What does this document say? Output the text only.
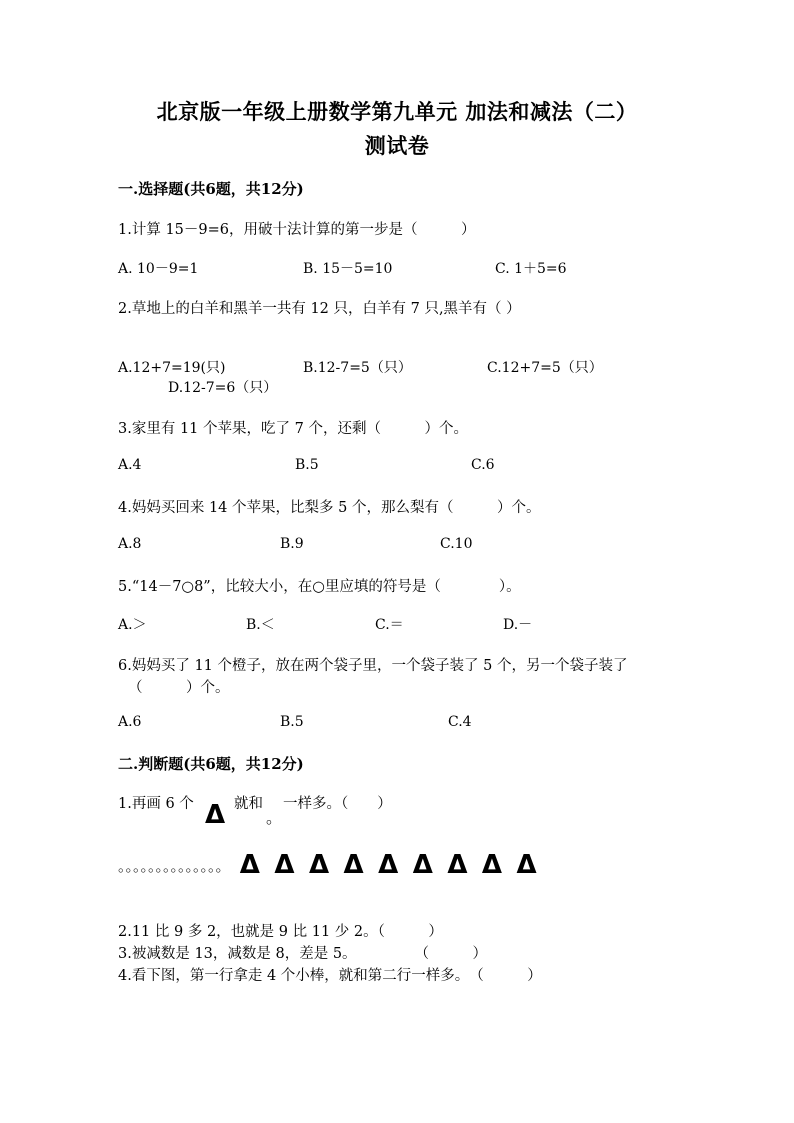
北京版一年级上册数学第九单元 加法和减法（二）
测试卷
一.选择题(共6题，共12分)
1.计算 15－9=6，用破十法计算的第一步是（　　　）
A. 10－9=1	B. 15－5=10	C. 1＋5=6
2.草地上的白羊和黑羊一共有 12 只，白羊有 7 只,黑羊有（ ）
A.12+7=19(只)	B.12-7=5（只）	C.12+7=5（只）
D.12-7=6（只）
3.家里有 11 个苹果，吃了 7 个，还剩（　　　）个。
A.4	B.5	C.6
4.妈妈买回来 14 个苹果，比梨多 5 个，那么梨有（　　　）个。
A.8	B.9	C.10
5.“14－7○8”，比较大小，在○里应填的符号是（　　　　）。
A.＞	B.＜	C.＝	D.－
6.妈妈买了 11 个橙子，放在两个袋子里，一个袋子装了 5 个，另一个袋子装了
（　　　）个。
A.6	B.5	C.4
二.判断题(共6题，共12分)
1.再画 6 个 Δ 就和
。
一样多。（　　）
。。。。。。。。。。。。。。 Δ Δ Δ Δ Δ Δ Δ Δ Δ
2.11 比 9 多 2，也就是 9 比 11 少 2。（　　　）
3.被减数是 13，减数是 8，差是 5。　　　　　（　　　）
4.看下图，第一行拿走 4 个小棒，就和第二行一样多。　（　　　）
